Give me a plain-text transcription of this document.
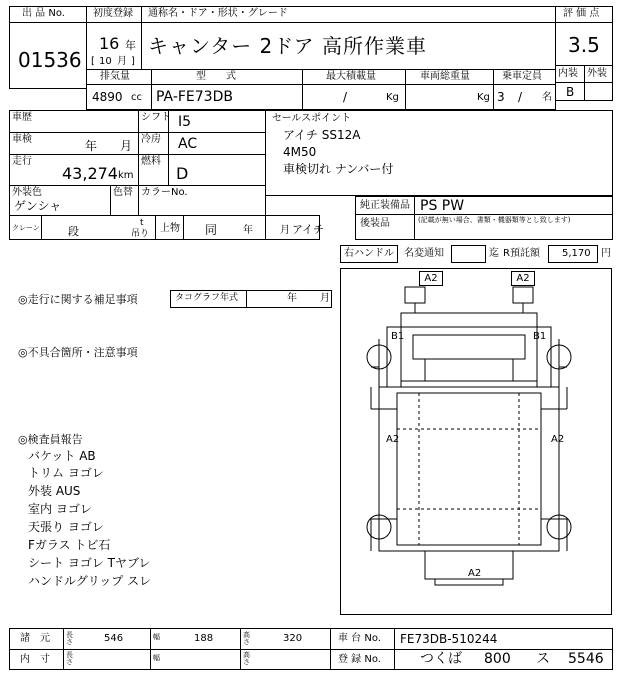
出 品 No.
01536
初度登録 通称名・ドア・形状・グレード
16 年
[ 10 月 ]
キャンター 2ドア 高所作業車
評 価 点
3.5
内装 外装
B
排気量	型　　式	最大積載量	車両総重量	乗車定員
4890 cc PA-FE73DB	/	Kg	Kg 3 / 名
車歴
車検	年 月
走行
43,274 km
シフト I5
冷房 AC
燃料
D
外装色
ゲンシャ
色替 カラーNo.
クレーン	段
t
吊り 上物 同	年	月 アイチ
セールスポイント
アイチ SS12A
4M50
車検切れ ナンバー付
純正装備品 PS PW
後装品	(記載が無い場合、書類・機器類等とし致します)
右ハンドル 名変通知	迄 R預託額 5,170 円
◎走行に関する補足事項	タコグラフ年式	年 月
◎不具合箇所・注意事項
◎検査員報告
バケット AB
トリム ヨゴレ
外装 AUS
室内 ヨゴレ
天張り ヨゴレ
Fガラス トビ石
シート ヨゴレ Tヤブレ
ハンドルグリップ スレ
A2	A2
B1	B1
A2	A2
A2
諸　元 長さ	546	幅	188	高さ	320	車 台 No. FE73DB-510244
内　寸 長さ	幅	高さ	登 録 No.	つくば 800 ス 5546
